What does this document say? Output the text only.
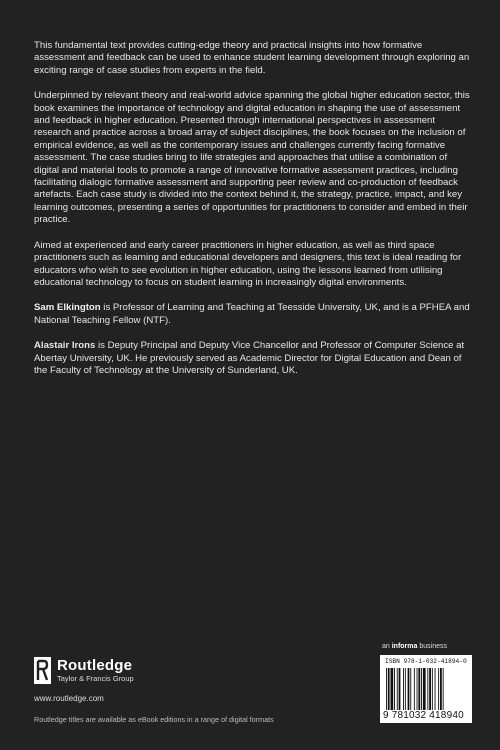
This fundamental text provides cutting-edge theory and practical insights into how formative assessment and feedback can be used to enhance student learning development through exploring an exciting range of case studies from experts in the field.

Underpinned by relevant theory and real-world advice spanning the global higher education sector, this book examines the importance of technology and digital education in shaping the use of assessment and feedback in higher education. Presented through international perspectives in assessment research and practice across a broad array of subject disciplines, the book focuses on the inclusion of empirical evidence, as well as the contemporary issues and challenges currently facing formative assessment. The case studies bring to life strategies and approaches that utilise a combination of digital and material tools to promote a range of innovative formative assessment practices, including facilitating dialogic formative assessment and supporting peer review and co-production of feedback artefacts. Each case study is divided into the context behind it, the strategy, practice, impact, and key learning outcomes, presenting a series of opportunities for practitioners to consider and embed in their practice.

Aimed at experienced and early career practitioners in higher education, as well as third space practitioners such as learning and educational developers and designers, this text is ideal reading for educators who wish to see evolution in higher education, using the lessons learned from utilising educational technology to focus on student learning in increasingly digital environments.

Sam Elkington is Professor of Learning and Teaching at Teesside University, UK, and is a PFHEA and National Teaching Fellow (NTF).

Alastair Irons is Deputy Principal and Deputy Vice Chancellor and Professor of Computer Science at Abertay University, UK. He previously served as Academic Director for Digital Education and Dean of the Faculty of Technology at the University of Sunderland, UK.

Routledge
Taylor & Francis Group
www.routledge.com
Routledge titles are available as eBook editions in a range of digital formats
an informa business
ISBN 978-1-032-41894-0
9 781032 418940
